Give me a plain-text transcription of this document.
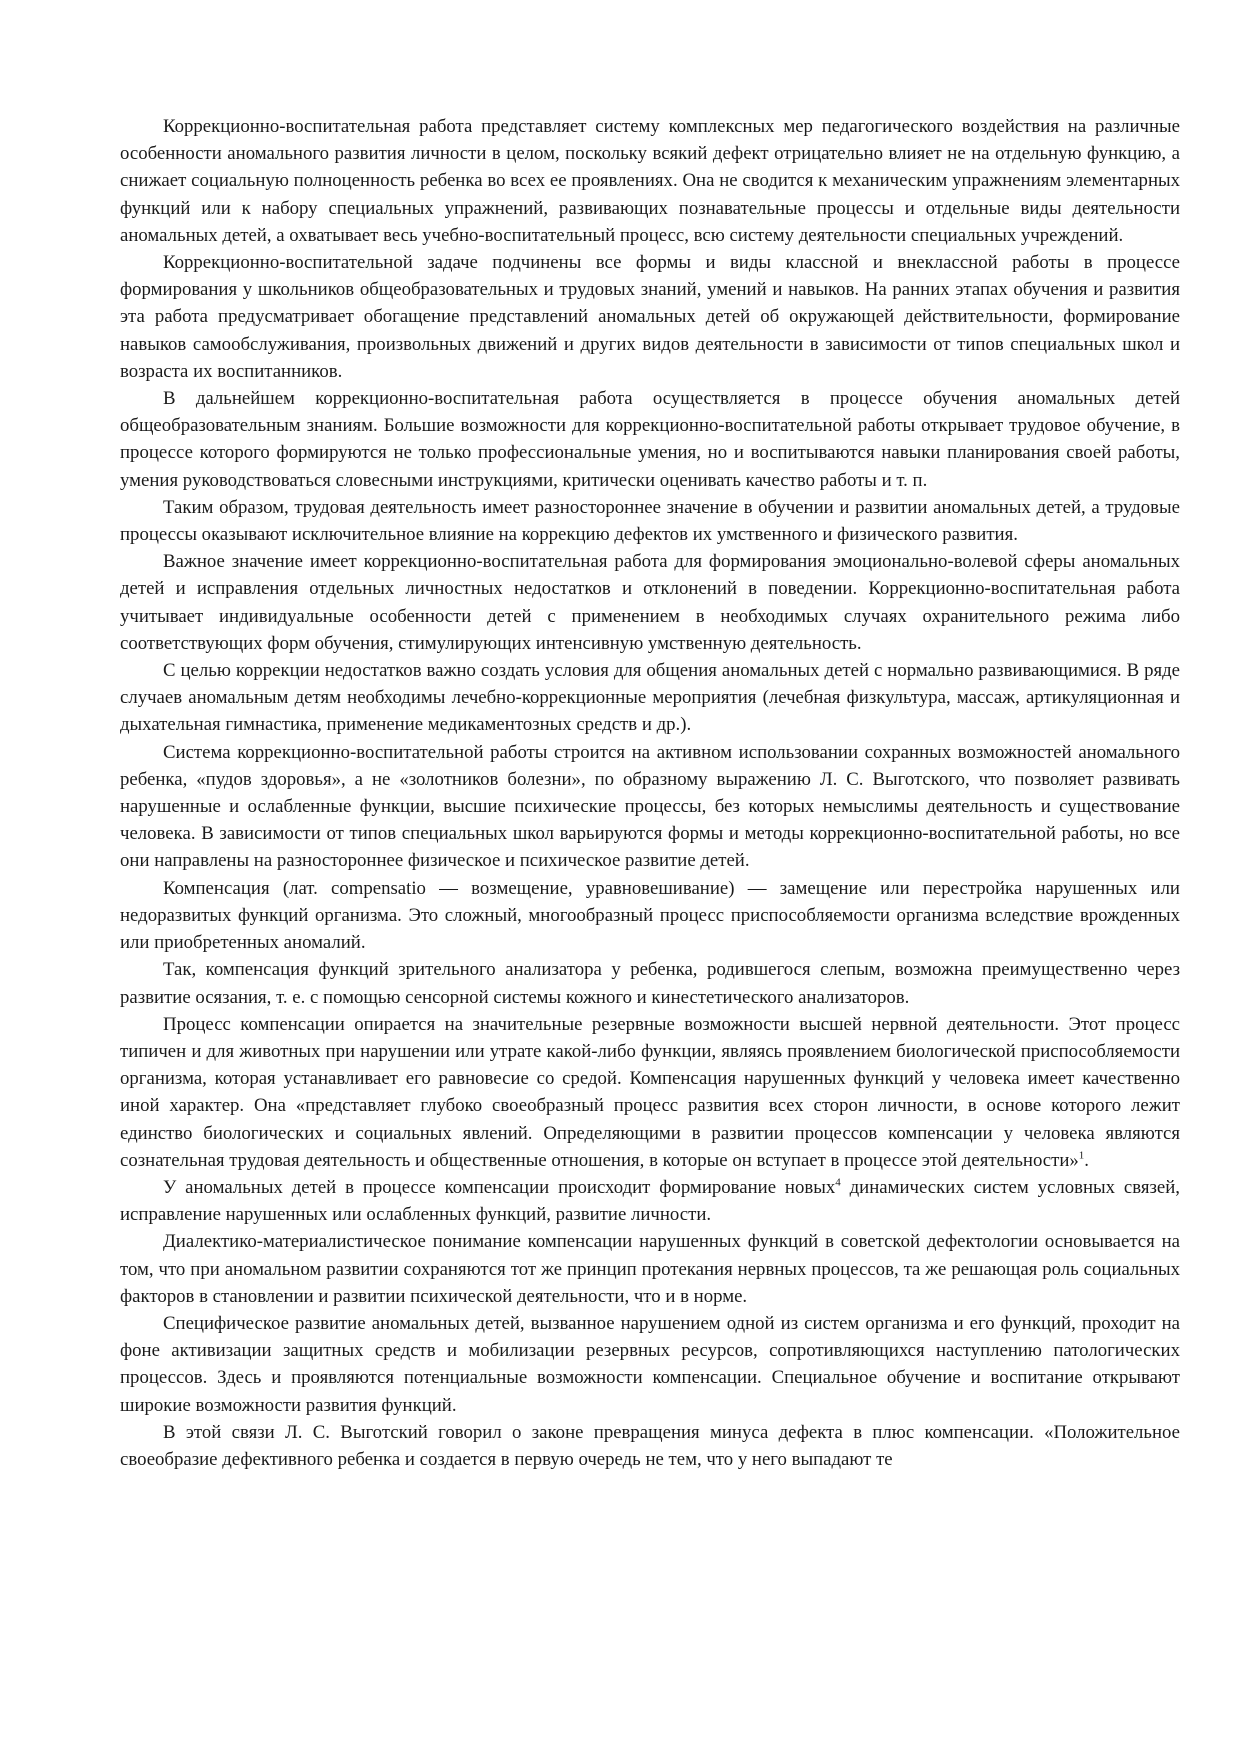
Коррекционно-воспитательная работа представляет систему комплексных мер педагогического воздействия на различные особенности аномального развития личности в целом, поскольку всякий дефект отрицательно влияет не на отдельную функцию, а снижает социальную полноценность ребенка во всех ее проявлениях. Она не сводится к механическим упражнениям элементарных функций или к набору специальных упражнений, развивающих познавательные процессы и отдельные виды деятельности аномальных детей, а охватывает весь учебно-воспитательный процесс, всю систему деятельности специальных учреждений.

Коррекционно-воспитательной задаче подчинены все формы и виды классной и внеклассной работы в процессе формирования у школьников общеобразовательных и трудовых знаний, умений и навыков. На ранних этапах обучения и развития эта работа предусматривает обогащение представлений аномальных детей об окружающей действительности, формирование навыков самообслуживания, произвольных движений и других видов деятельности в зависимости от типов специальных школ и возраста их воспитанников.

В дальнейшем коррекционно-воспитательная работа осуществляется в процессе обучения аномальных детей общеобразовательным знаниям. Большие возможности для коррекционно-воспитательной работы открывает трудовое обучение, в процессе которого формируются не только профессиональные умения, но и воспитываются навыки планирования своей работы, умения руководствоваться словесными инструкциями, критически оценивать качество работы и т. п.

Таким образом, трудовая деятельность имеет разностороннее значение в обучении и развитии аномальных детей, а трудовые процессы оказывают исключительное влияние на коррекцию дефектов их умственного и физического развития.

Важное значение имеет коррекционно-воспитательная работа для формирования эмоционально-волевой сферы аномальных детей и исправления отдельных личностных недостатков и отклонений в поведении. Коррекционно-воспитательная работа учитывает индивидуальные особенности детей с применением в необходимых случаях охранительного режима либо соответствующих форм обучения, стимулирующих интенсивную умственную деятельность.

С целью коррекции недостатков важно создать условия для общения аномальных детей с нормально развивающимися. В ряде случаев аномальным детям необходимы лечебно-коррекционные мероприятия (лечебная физкультура, массаж, артикуляционная и дыхательная гимнастика, применение медикаментозных средств и др.).

Система коррекционно-воспитательной работы строится на активном использовании сохранных возможностей аномального ребенка, «пудов здоровья», а не «золотников болезни», по образному выражению Л. С. Выготского, что позволяет развивать нарушенные и ослабленные функции, высшие психические процессы, без которых немыслимы деятельность и существование человека. В зависимости от типов специальных школ варьируются формы и методы коррекционно-воспитательной работы, но все они направлены на разностороннее физическое и психическое развитие детей.

Компенсация (лат. compensatio — возмещение, уравновешивание) — замещение или перестройка нарушенных или недоразвитых функций организма. Это сложный, многообразный процесс приспособляемости организма вследствие врожденных или приобретенных аномалий.

Так, компенсация функций зрительного анализатора у ребенка, родившегося слепым, возможна преимущественно через развитие осязания, т. е. с помощью сенсорной системы кожного и кинестетического анализаторов.

Процесс компенсации опирается на значительные резервные возможности высшей нервной деятельности. Этот процесс типичен и для животных при нарушении или утрате какой-либо функции, являясь проявлением биологической приспособляемости организма, которая устанавливает его равновесие со средой. Компенсация нарушенных функций у человека имеет качественно иной характер. Она «представляет глубоко своеобразный процесс развития всех сторон личности, в основе которого лежит единство биологических и социальных явлений. Определяющими в развитии процессов компенсации у человека являются сознательная трудовая деятельность и общественные отношения, в которые он вступает в процессе этой деятельности»$^1$.

У аномальных детей в процессе компенсации происходит формирование новых$^4$ динамических систем условных связей, исправление нарушенных или ослабленных функций, развитие личности.

Диалектико-материалистическое понимание компенсации нарушенных функций в советской дефектологии основывается на том, что при аномальном развитии сохраняются тот же принцип протекания нервных процессов, та же решающая роль социальных факторов в становлении и развитии психической деятельности, что и в норме.

Специфическое развитие аномальных детей, вызванное нарушением одной из систем организма и его функций, проходит на фоне активизации защитных средств и мобилизации резервных ресурсов, сопротивляющихся наступлению патологических процессов. Здесь и проявляются потенциальные возможности компенсации. Специальное обучение и воспитание открывают широкие возможности развития функций.

В этой связи Л. С. Выготский говорил о законе превращения минуса дефекта в плюс компенсации. «Положительное своеобразие дефективного ребенка и создается в первую очередь не тем, что у него выпадают те
